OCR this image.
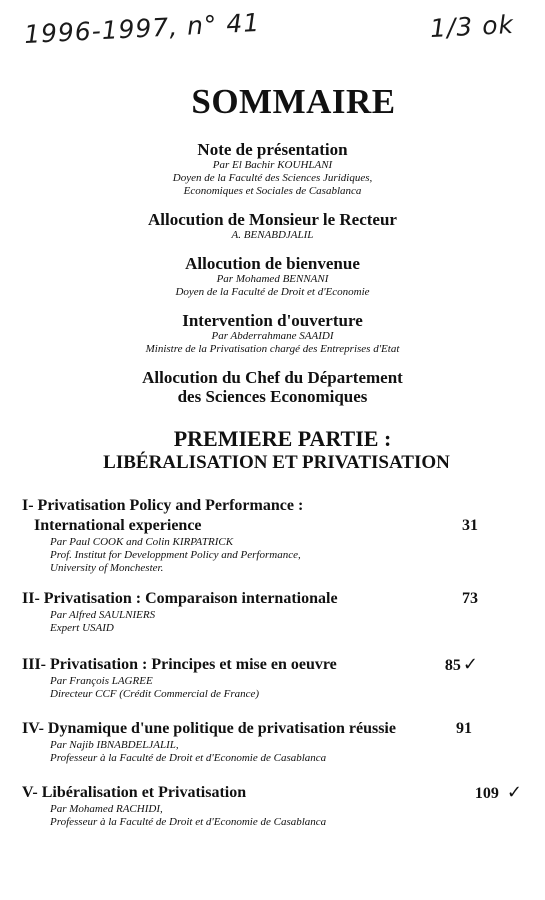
1996-1997, n° 41	1/3 ok
SOMMAIRE
Note de présentation
Par El Bachir KOUHLANI
Doyen de la Faculté des Sciences Juridiques,
Economiques et Sociales de Casablanca
Allocution de Monsieur le Recteur
A. BENABDJALIL
Allocution de bienvenue
Par Mohamed BENNANI
Doyen de la Faculté de Droit et d'Economie
Intervention d'ouverture
Par Abderrahmane SAAIDI
Ministre de la Privatisation chargé des Entreprises d'Etat
Allocution du Chef du Département
des Sciences Economiques
PREMIERE PARTIE :
LIBÉRALISATION ET PRIVATISATION
I- Privatisation Policy and Performance :
International experience	31
Par Paul COOK and Colin KIRPATRICK
Prof. Institut for Developpment Policy and Performance,
University of Monchester.
II- Privatisation : Comparaison internationale	73
Par Alfred SAULNIERS
Expert USAID
III- Privatisation : Principes et mise en oeuvre	85 ✓
Par François LAGREE
Directeur CCF (Crédit Commercial de France)
IV- Dynamique d'une politique de privatisation réussie	91
Par Najib IBNABDELJALIL,
Professeur à la Faculté de Droit et d'Economie de Casablanca
V- Libéralisation et Privatisation	109 ✓
Par Mohamed RACHIDI,
Professeur à la Faculté de Droit et d'Economie de Casablanca
